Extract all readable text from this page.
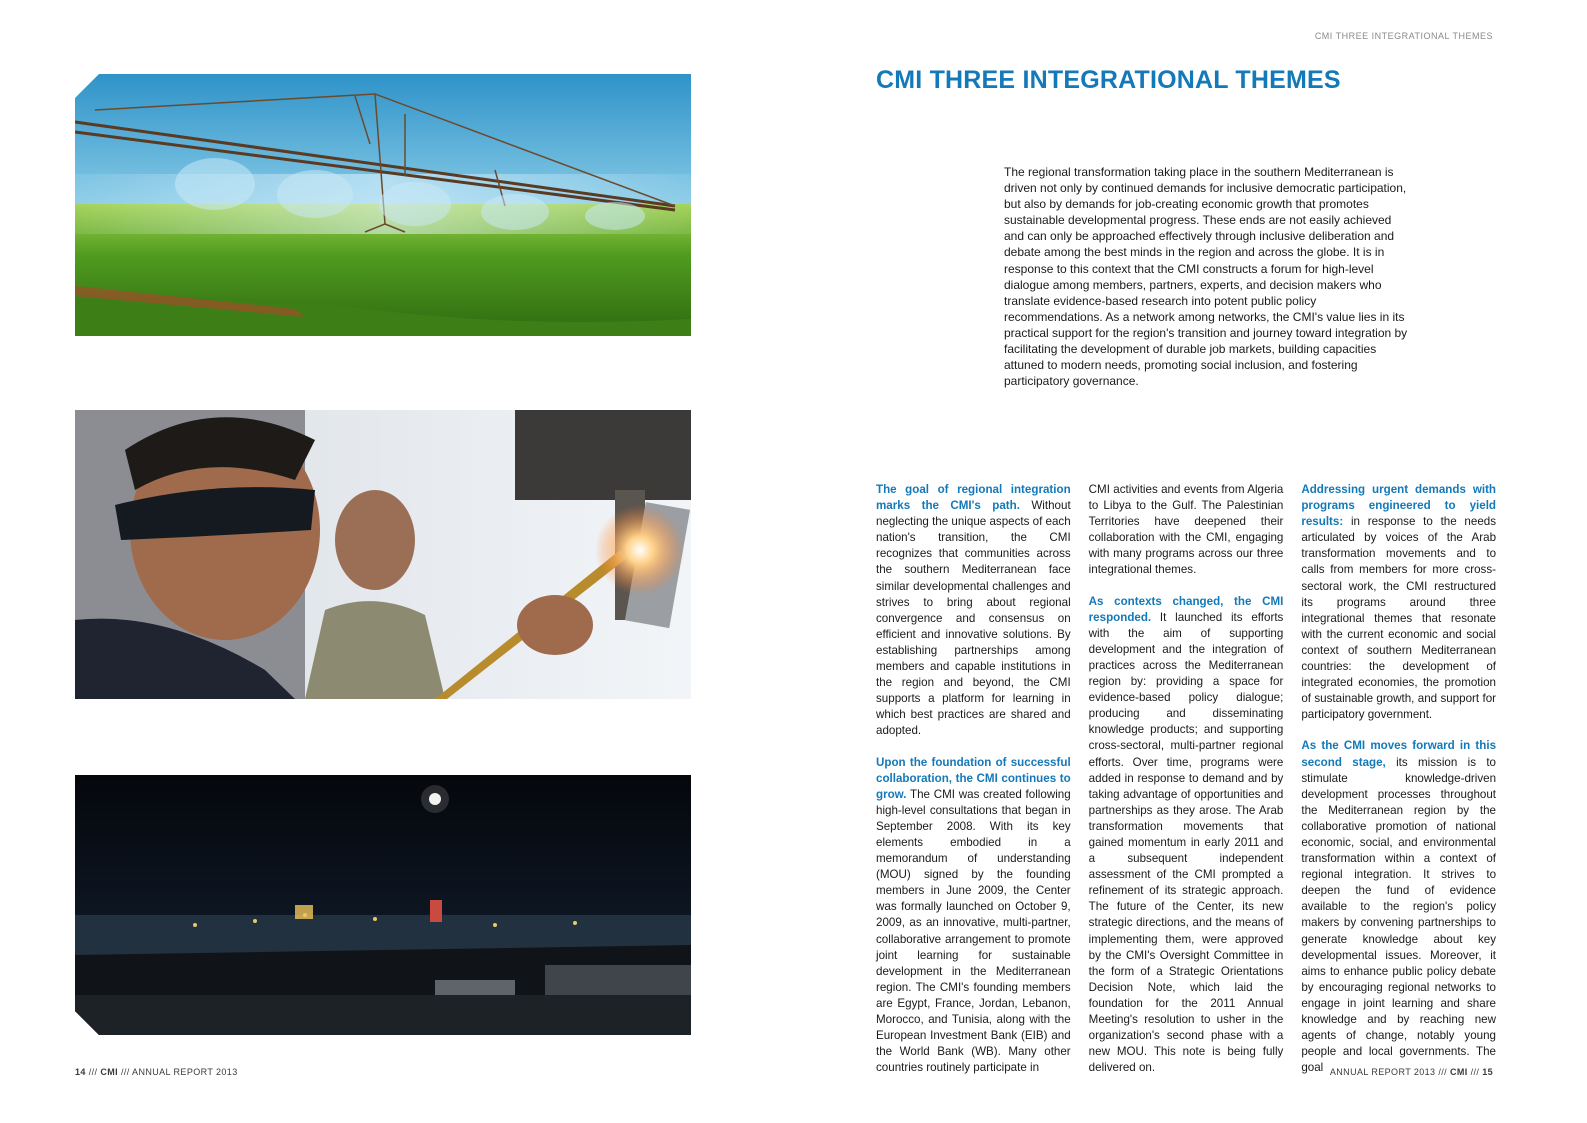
14 /// CMI /// ANNUAL REPORT 2013
CMI THREE INTEGRATIONAL THEMES
CMI THREE INTEGRATIONAL THEMES

The regional transformation taking place in the southern Mediterranean is driven not only by continued demands for inclusive democratic participation, but also by demands for job-creating economic growth that promotes sustainable developmental progress. These ends are not easily achieved and can only be approached effectively through inclusive deliberation and debate among the best minds in the region and across the globe. It is in response to this context that the CMI constructs a forum for high-level dialogue among members, partners, experts, and decision makers who translate evidence-based research into potent public policy recommendations. As a network among networks, the CMI's value lies in its practical support for the region's transition and journey toward integration by facilitating the development of durable job markets, building capacities attuned to modern needs, promoting social inclusion, and fostering participatory governance.

The goal of regional integration marks the CMI's path. Without neglecting the unique aspects of each nation's transition, the CMI recognizes that communities across the southern Mediterranean face similar developmental challenges and strives to bring about regional convergence and consensus on efficient and innovative solutions. By establishing partnerships among members and capable institutions in the region and beyond, the CMI supports a platform for learning in which best practices are shared and adopted.

Upon the foundation of successful collaboration, the CMI continues to grow. The CMI was created following high-level consultations that began in September 2008. With its key elements embodied in a memorandum of understanding (MOU) signed by the founding members in June 2009, the Center was formally launched on October 9, 2009, as an innovative, multi-partner, collaborative arrangement to promote joint learning for sustainable development in the Mediterranean region. The CMI's founding members are Egypt, France, Jordan, Lebanon, Morocco, and Tunisia, along with the European Investment Bank (EIB) and the World Bank (WB). Many other countries routinely participate in

CMI activities and events from Algeria to Libya to the Gulf. The Palestinian Territories have deepened their collaboration with the CMI, engaging with many programs across our three integrational themes.

As contexts changed, the CMI responded. It launched its efforts with the aim of supporting development and the integration of practices across the Mediterranean region by: providing a space for evidence-based policy dialogue; producing and disseminating knowledge products; and supporting cross-sectoral, multi-partner regional efforts. Over time, programs were added in response to demand and by taking advantage of opportunities and partnerships as they arose. The Arab transformation movements that gained momentum in early 2011 and a subsequent independent assessment of the CMI prompted a refinement of its strategic approach. The future of the Center, its new strategic directions, and the means of implementing them, were approved by the CMI's Oversight Committee in the form of a Strategic Orientations Decision Note, which laid the foundation for the 2011 Annual Meeting's resolution to usher in the organization's second phase with a new MOU. This note is being fully delivered on.

Addressing urgent demands with programs engineered to yield results: in response to the needs articulated by voices of the Arab transformation movements and to calls from members for more cross-sectoral work, the CMI restructured its programs around three integrational themes that resonate with the current economic and social context of southern Mediterranean countries: the development of integrated economies, the promotion of sustainable growth, and support for participatory government.

As the CMI moves forward in this second stage, its mission is to stimulate knowledge-driven development processes throughout the Mediterranean region by the collaborative promotion of national economic, social, and environmental transformation within a context of regional integration. It strives to deepen the fund of evidence available to the region's policy makers by convening partnerships to generate knowledge about key developmental issues. Moreover, it aims to enhance public policy debate by encouraging regional networks to engage in joint learning and share knowledge and by reaching new agents of change, notably young people and local governments. The goal ANNUAL REPORT 2013 /// CMI /// 15
